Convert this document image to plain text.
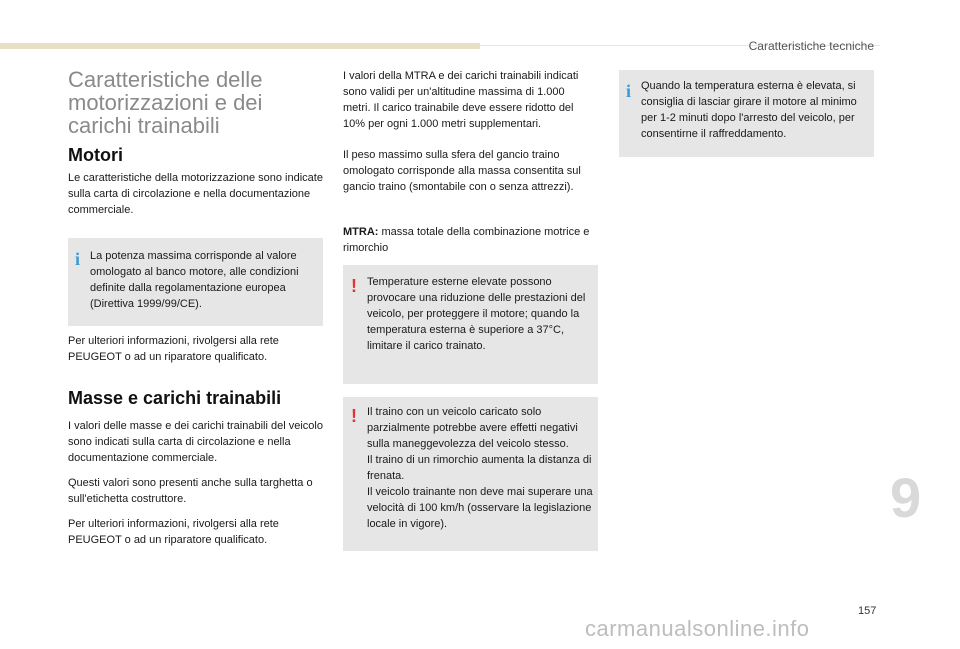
Caratteristiche tecniche
Caratteristiche delle motorizzazioni e dei carichi trainabili
Motori

Le caratteristiche della motorizzazione sono indicate sulla carta di circolazione e nella documentazione commerciale.

i La potenza massima corrisponde al valore omologato al banco motore, alle condizioni definite dalla regolamentazione europea (Direttiva 1999/99/CE).

Per ulteriori informazioni, rivolgersi alla rete PEUGEOT o ad un riparatore qualificato.

Masse e carichi trainabili

I valori delle masse e dei carichi trainabili del veicolo sono indicati sulla carta di circolazione e nella documentazione commerciale.

Questi valori sono presenti anche sulla targhetta o sull'etichetta costruttore.

Per ulteriori informazioni, rivolgersi alla rete PEUGEOT o ad un riparatore qualificato.

I valori della MTRA e dei carichi trainabili indicati sono validi per un'altitudine massima di 1.000 metri. Il carico trainabile deve essere ridotto del 10% per ogni 1.000 metri supplementari.

Il peso massimo sulla sfera del gancio traino omologato corrisponde alla massa consentita sul gancio traino (smontabile con o senza attrezzi).

MTRA: massa totale della combinazione motrice e rimorchio

! Temperature esterne elevate possono provocare una riduzione delle prestazioni del veicolo, per proteggere il motore; quando la temperatura esterna è superiore a 37°C, limitare il carico trainato.
! Il traino con un veicolo caricato solo parzialmente potrebbe avere effetti negativi sulla maneggevolezza del veicolo stesso.
Il traino di un rimorchio aumenta la distanza di frenata.
Il veicolo trainante non deve mai superare una velocità di 100 km/h (osservare la legislazione locale in vigore).
i Quando la temperatura esterna è elevata, si consiglia di lasciar girare il motore al minimo per 1-2 minuti dopo l'arresto del veicolo, per consentirne il raffreddamento.
9
157
carmanualsonline.info
